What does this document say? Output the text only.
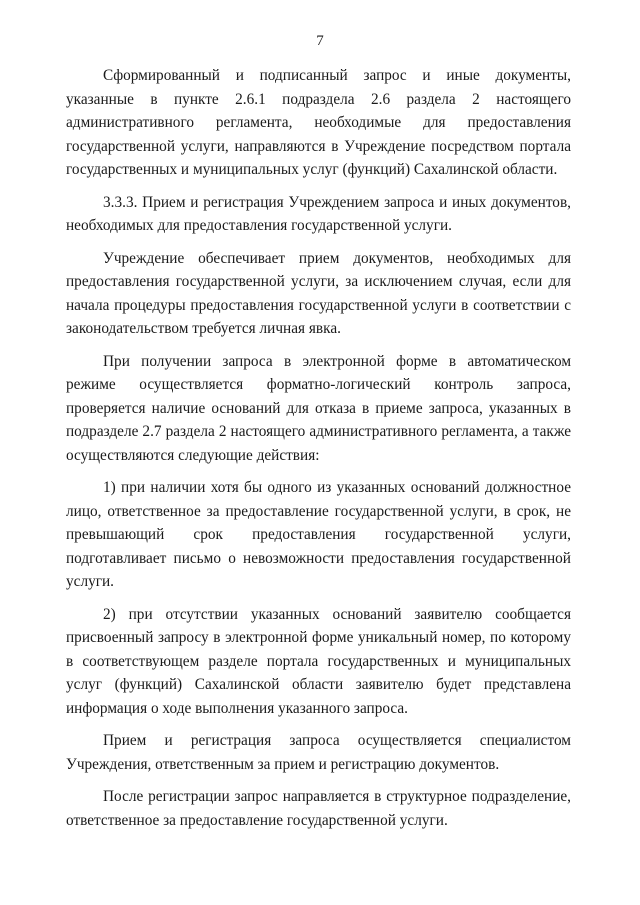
7

Сформированный и подписанный запрос и иные документы, указанные в пункте 2.6.1 подраздела 2.6 раздела 2 настоящего административного регламента, необходимые для предоставления государственной услуги, направляются в Учреждение посредством портала государственных и муниципальных услуг (функций) Сахалинской области.

3.3.3. Прием и регистрация Учреждением запроса и иных документов, необходимых для предоставления государственной услуги.

Учреждение обеспечивает прием документов, необходимых для предоставления государственной услуги, за исключением случая, если для начала процедуры предоставления государственной услуги в соответствии с законодательством требуется личная явка.

При получении запроса в электронной форме в автоматическом режиме осуществляется форматно-логический контроль запроса, проверяется наличие оснований для отказа в приеме запроса, указанных в подразделе 2.7 раздела 2 настоящего административного регламента, а также осуществляются следующие действия:

1) при наличии хотя бы одного из указанных оснований должностное лицо, ответственное за предоставление государственной услуги, в срок, не превышающий срок предоставления государственной услуги, подготавливает письмо о невозможности предоставления государственной услуги.

2) при отсутствии указанных оснований заявителю сообщается присвоенный запросу в электронной форме уникальный номер, по которому в соответствующем разделе портала государственных и муниципальных услуг (функций) Сахалинской области заявителю будет представлена информация о ходе выполнения указанного запроса.

Прием и регистрация запроса осуществляется специалистом Учреждения, ответственным за прием и регистрацию документов.

После регистрации запрос направляется в структурное подразделение, ответственное за предоставление государственной услуги.
